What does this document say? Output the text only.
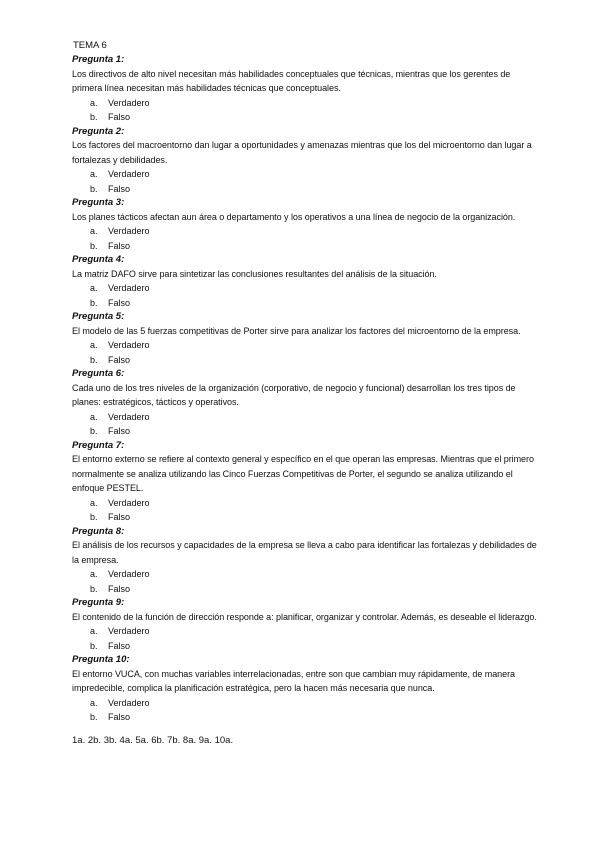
TEMA 6
Pregunta 1:
Los directivos de alto nivel necesitan más habilidades conceptuales que técnicas, mientras que los gerentes de primera línea necesitan más habilidades técnicas que conceptuales.
a.	Verdadero
b.	Falso
Pregunta 2:
Los factores del macroentorno dan lugar a oportunidades y amenazas mientras que los del microentorno dan lugar a fortalezas y debilidades.
a.	Verdadero
b.	Falso
Pregunta 3:
Los planes tácticos afectan aun área o departamento y los operativos a una línea de negocio de la organización.
a.	Verdadero
b.	Falso
Pregunta 4:
La matriz DAFO sirve para sintetizar las conclusiones resultantes del análisis de la situación.
a.	Verdadero
b.	Falso
Pregunta 5:
El modelo de las 5 fuerzas competitivas de Porter sirve para analizar los factores del microentorno de la empresa.
a.	Verdadero
b.	Falso
Pregunta 6:
Cada uno de los tres niveles de la organización (corporativo, de negocio y funcional) desarrollan los tres tipos de planes: estratégicos, tácticos y operativos.
a.	Verdadero
b.	Falso
Pregunta 7:
El entorno externo se refiere al contexto general y específico en el que operan las empresas. Mientras que el primero normalmente se analiza utilizando las Cinco Fuerzas Competitivas de Porter, el segundo se analiza utilizando el enfoque PESTEL.
a.	Verdadero
b.	Falso
Pregunta 8:
El análisis de los recursos y capacidades de la empresa se lleva a cabo para identificar las fortalezas y debilidades de la empresa.
a.	Verdadero
b.	Falso
Pregunta 9:
El contenido de la función de dirección responde a: planificar, organizar y controlar. Además, es deseable el liderazgo.
a.	Verdadero
b.	Falso
Pregunta 10:
El entorno VUCA, con muchas variables interrelacionadas, entre son que cambian muy rápidamente, de manera impredecible, complica la planificación estratégica, pero la hacen más necesaria que nunca.
a.	Verdadero
b.	Falso
1a. 2b. 3b. 4a. 5a. 6b. 7b. 8a. 9a. 10a.
